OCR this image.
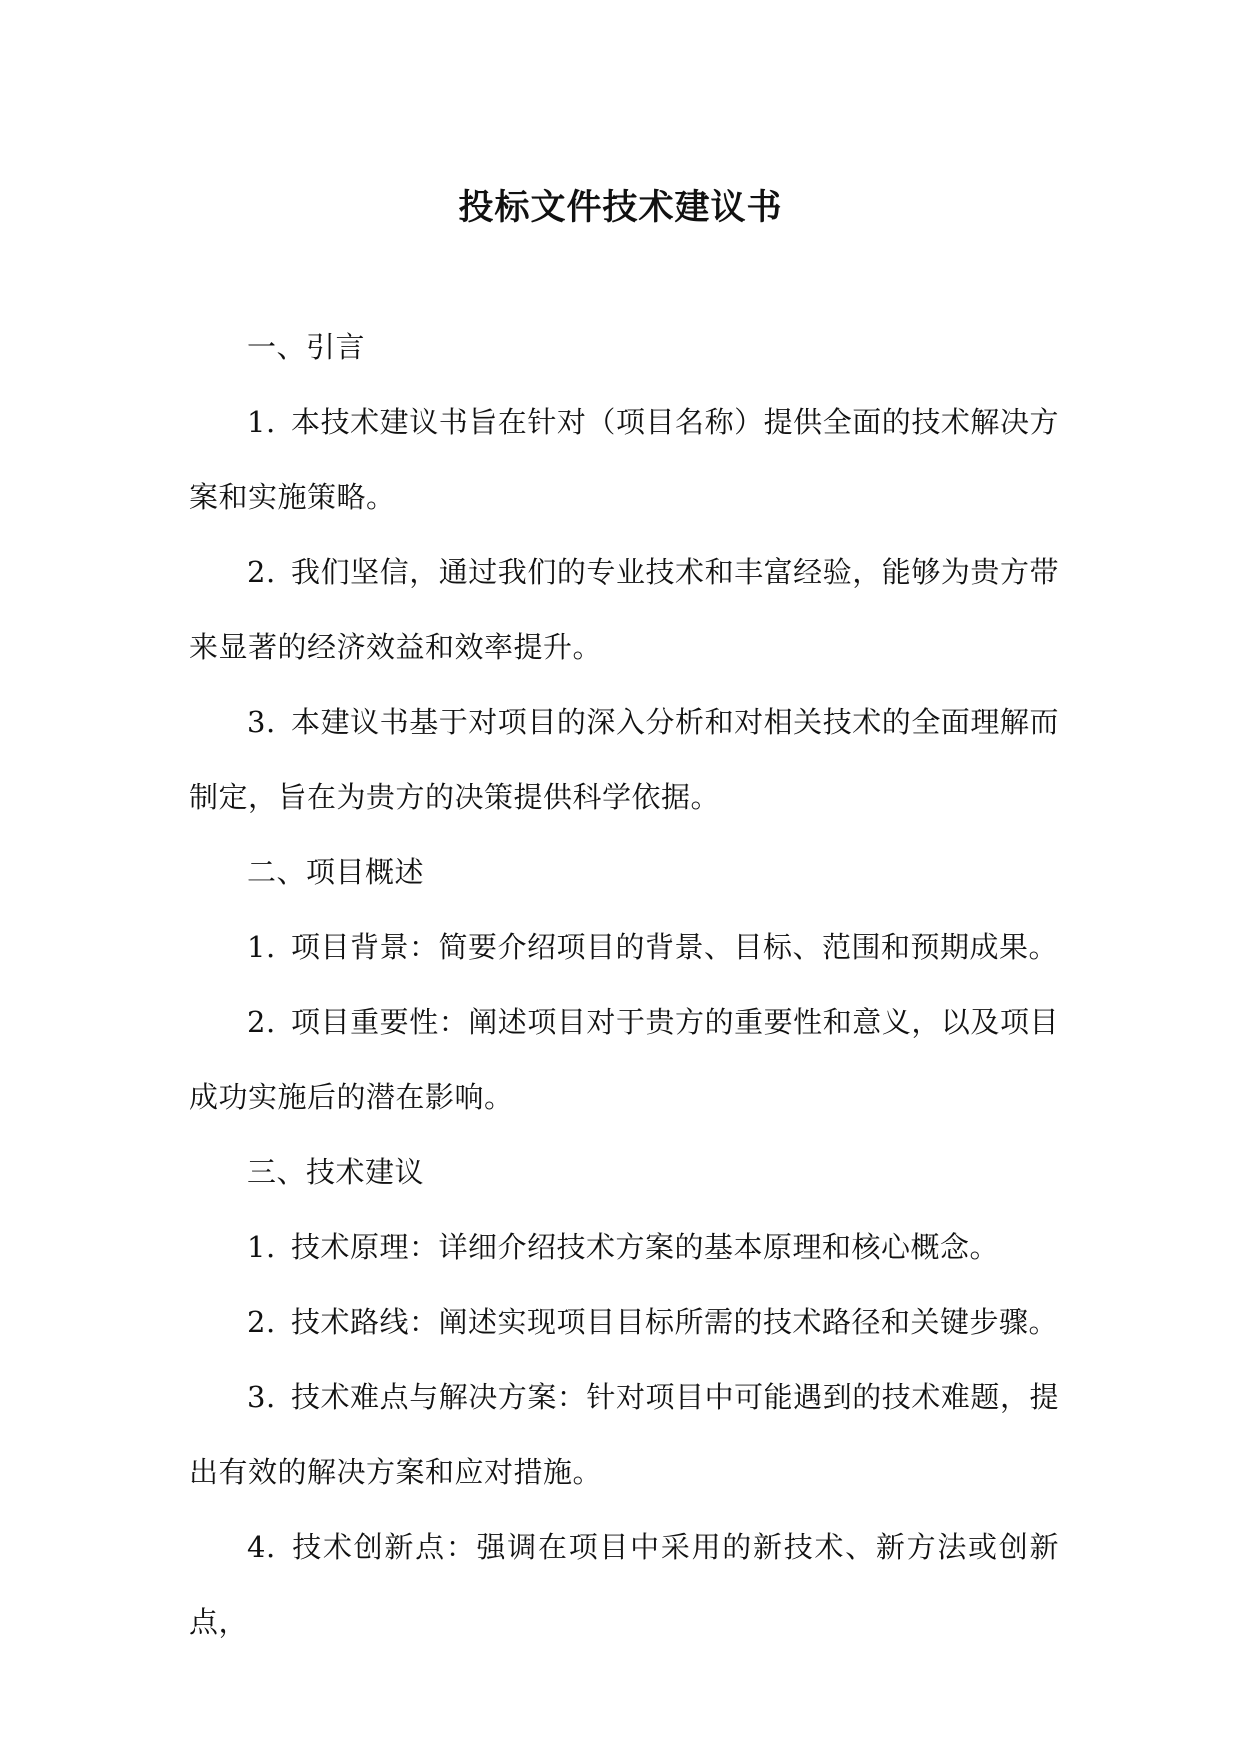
投标文件技术建议书

一、引言

1. 本技术建议书旨在针对（项目名称）提供全面的技术解决方案和实施策略。

2. 我们坚信，通过我们的专业技术和丰富经验，能够为贵方带来显著的经济效益和效率提升。

3. 本建议书基于对项目的深入分析和对相关技术的全面理解而制定，旨在为贵方的决策提供科学依据。

二、项目概述

1. 项目背景：简要介绍项目的背景、目标、范围和预期成果。

2. 项目重要性：阐述项目对于贵方的重要性和意义，以及项目成功实施后的潜在影响。

三、技术建议

1. 技术原理：详细介绍技术方案的基本原理和核心概念。

2. 技术路线：阐述实现项目目标所需的技术路径和关键步骤。

3. 技术难点与解决方案：针对项目中可能遇到的技术难题，提出有效的解决方案和应对措施。

4. 技术创新点：强调在项目中采用的新技术、新方法或创新点，
